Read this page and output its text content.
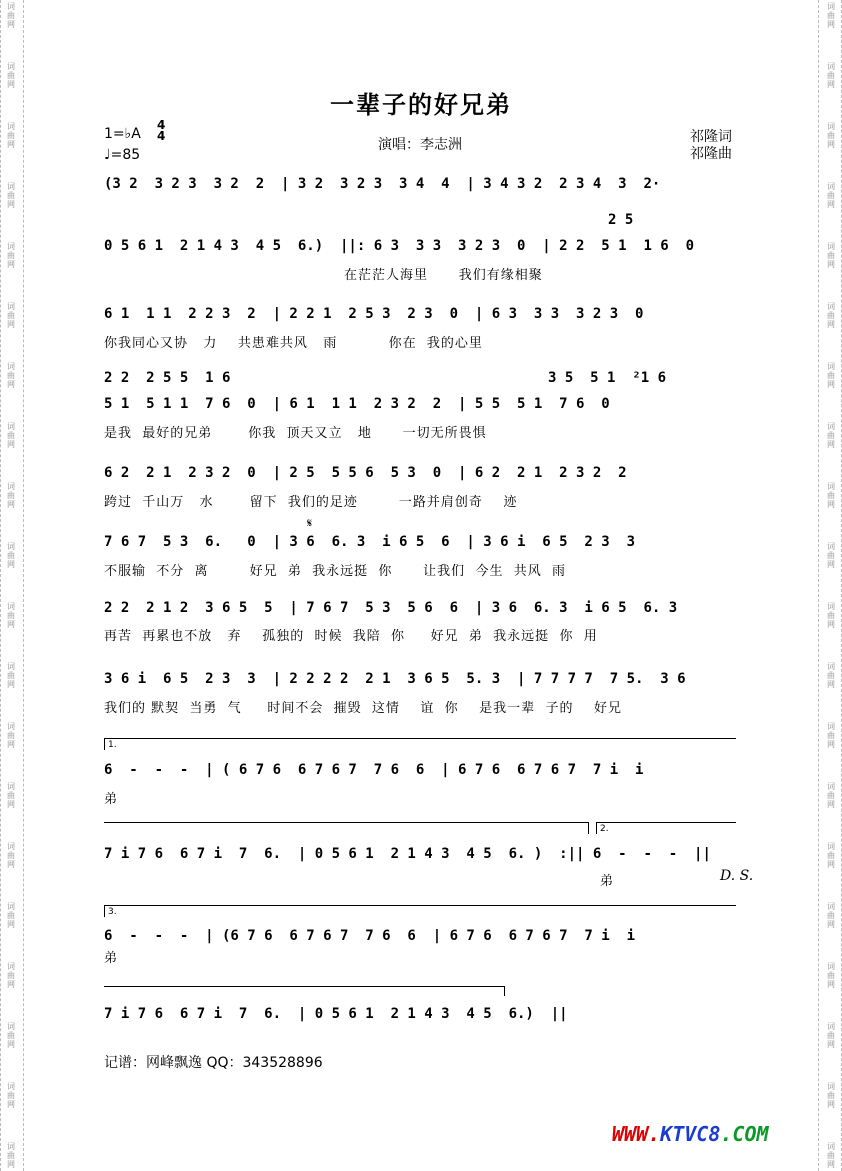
词
曲
网
词
曲
网
词
曲
网
词
曲
网
词
曲
网
词
曲
网
词
曲
网
词
曲
网
词
曲
网
词
曲
网
词
曲
网
词
曲
网
词
曲
网
词
曲
网
词
曲
网
词
曲
网
词
曲
网
词
曲
网
词
曲
网
词
曲
网
词
曲
网
词
曲
网
词
曲
网
词
曲
网
词
曲
网
词
曲
网
词
曲
网
词
曲
网
词
曲
网
词
曲
网
词
曲
网
词
曲
网
词
曲
网
词
曲
网
词
曲
网
词
曲
网
词
曲
网
词
曲
网
词
曲
网
词
曲
网
一辈子的好兄弟
1=♭A
4
4
♩=85
演唱：李志洲	祁隆词
祁隆曲
(3 2  3 2 3  3 2  2  | 3 2  3 2 3  3 4  4  | 3 4 3 2  2 3 4  3  2·
2 5
0 5 6 1  2 1 4 3  4 5  6.)  ||: 6 3  3 3  3 2 3  0  | 2 2  5 1  1 6  0
在茫茫人海里      我们有缘相聚
6 1  1 1  2 2 3  2  | 2 2 1  2 5 3  2 3  0  | 6 3  3 3  3 2 3  0
你我同心又协   力    共患难共风   雨          你在  我的心里
2 2  2 5 5  1 6	3 5  5 1  ²1 6
5 1  5 1 1  7 6  0  | 6 1  1 1  2 3 2  2  | 5 5  5 1  7 6  0
是我  最好的兄弟       你我  顶天又立   地      一切无所畏惧
6 2  2 1  2 3 2  0  | 2 5  5 5 6  5 3  0  | 6 2  2 1  2 3 2  2
跨过  千山万   水       留下  我们的足迹        一路并肩创奇    迹
𝄋
7 6 7  5 3  6.   0  | 3 6  6. 3  i 6 5  6  | 3 6 i  6 5  2 3  3
不服输  不分  离        好兄  弟  我永远挺  你      让我们  今生  共风  雨
2 2  2 1 2  3 6 5  5  | 7 6 7  5 3  5 6  6  | 3 6  6. 3  i 6 5  6. 3
再苦  再累也不放   弃    孤独的  时候  我陪  你     好兄  弟  我永远挺  你  用
3 6 i  6 5  2 3  3  | 2 2 2 2  2 1  3 6 5  5. 3  | 7 7 7 7  7 5.  3 6
我们的 默契  当勇  气     时间不会  摧毁  这情    谊  你    是我一辈  子的    好兄
1.
6  -  -  -  | ( 6 7 6  6 7 6 7  7 6  6  | 6 7 6  6 7 6 7  7 i  i
弟
2.
7 i 7 6  6 7 i  7  6.  | 0 5 6 1  2 1 4 3  4 5  6. )  :|| 6  -  -  -  ||
弟	D. S.
3.
6  -  -  -  | (6 7 6  6 7 6 7  7 6  6  | 6 7 6  6 7 6 7  7 i  i
弟
7 i 7 6  6 7 i  7  6.  | 0 5 6 1  2 1 4 3  4 5  6.)  ||
记谱：网峰飘逸 QQ：343528896
WWW.KTVC8.COM
